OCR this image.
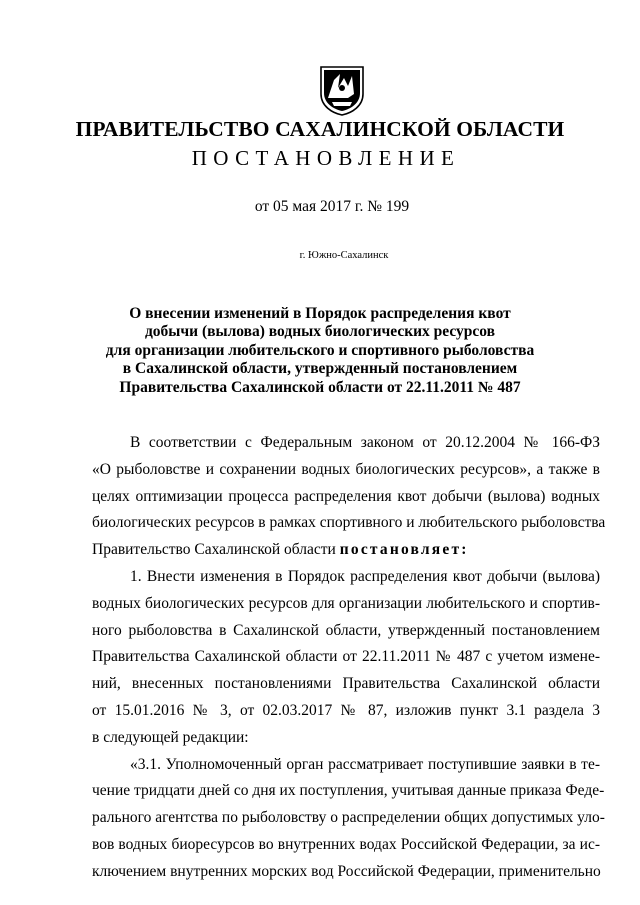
ПРАВИТЕЛЬСТВО САХАЛИНСКОЙ ОБЛАСТИ
ПОСТАНОВЛЕНИЕ
от 05 мая 2017 г. № 199
г. Южно-Сахалинск
О внесении изменений в Порядок распределения квот
добычи (вылова) водных биологических ресурсов
для организации любительского и спортивного рыболовства
в Сахалинской области, утвержденный постановлением
Правительства Сахалинской области от 22.11.2011 № 487
В соответствии с Федеральным законом от 20.12.2004 № 166-ФЗ
«О рыболовстве и сохранении водных биологических ресурсов», а также в
целях оптимизации процесса распределения квот добычи (вылова) водных
биологических ресурсов в рамках спортивного и любительского рыболовства
Правительство Сахалинской области постановляет:
1. Внести изменения в Порядок распределения квот добычи (вылова)
водных биологических ресурсов для организации любительского и спортив-
ного рыболовства в Сахалинской области, утвержденный постановлением
Правительства Сахалинской области от 22.11.2011 № 487 с учетом измене-
ний, внесенных постановлениями Правительства Сахалинской области
от 15.01.2016 № 3, от 02.03.2017 № 87, изложив пункт 3.1 раздела 3
в следующей редакции:
«3.1. Уполномоченный орган рассматривает поступившие заявки в те-
чение тридцати дней со дня их поступления, учитывая данные приказа Феде-
рального агентства по рыболовству о распределении общих допустимых уло-
вов водных биоресурсов во внутренних водах Российской Федерации, за ис-
ключением внутренних морских вод Российской Федерации, применительно
